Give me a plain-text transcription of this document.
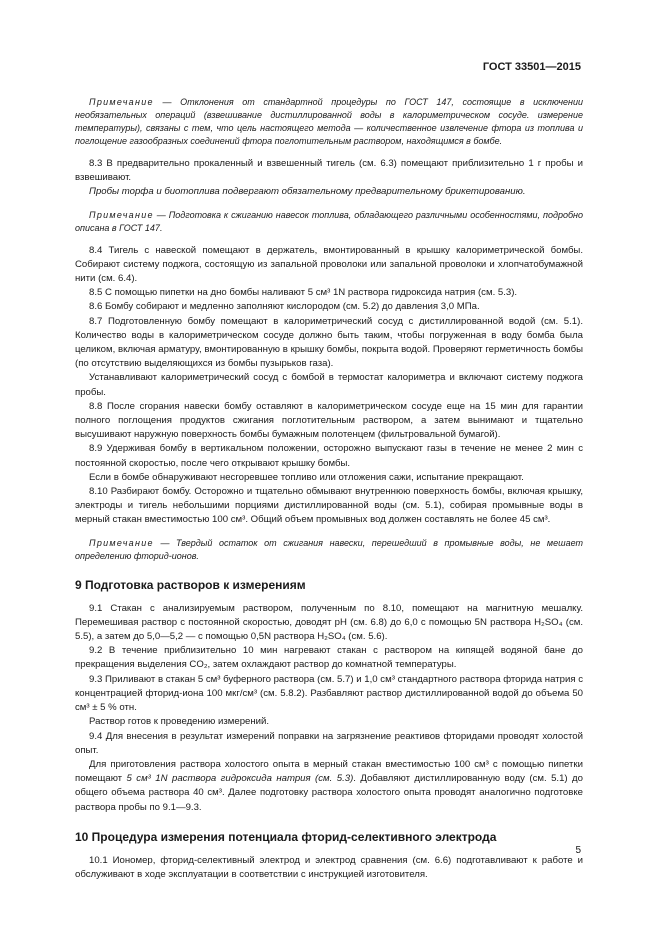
ГОСТ 33501—2015

Примечание — Отклонения от стандартной процедуры по ГОСТ 147, состоящие в исключении необязательных операций (взвешивание дистиллированной воды в калориметрическом сосуде. измерение температуры), связаны с тем, что цель настоящего метода — количественное извлечение фтора из топлива и поглощение газообразных соединений фтора поглотительным раствором, находящимся в бомбе.

8.3 В предварительно прокаленный и взвешенный тигель (см. 6.3) помещают приблизительно 1 г пробы и взвешивают.

Пробы торфа и биотоплива подвергают обязательному предварительному брикетированию.

Примечание — Подготовка к сжиганию навесок топлива, обладающего различными особенностями, подробно описана в ГОСТ 147.

8.4 Тигель с навеской помещают в держатель, вмонтированный в крышку калориметрической бомбы. Собирают систему поджога, состоящую из запальной проволоки или запальной проволоки и хлопчатобумажной нити (см. 6.4).

8.5 С помощью пипетки на дно бомбы наливают 5 см³ 1N раствора гидроксида натрия (см. 5.3).

8.6 Бомбу собирают и медленно заполняют кислородом (см. 5.2) до давления 3,0 МПа.

8.7 Подготовленную бомбу помещают в калориметрический сосуд с дистиллированной водой (см. 5.1). Количество воды в калориметрическом сосуде должно быть таким, чтобы погруженная в воду бомба была целиком, включая арматуру, вмонтированную в крышку бомбы, покрыта водой. Проверяют герметичность бомбы (по отсутствию выделяющихся из бомбы пузырьков газа).

Устанавливают калориметрический сосуд с бомбой в термостат калориметра и включают систему поджога пробы.

8.8 После сгорания навески бомбу оставляют в калориметрическом сосуде еще на 15 мин для гарантии полного поглощения продуктов сжигания поглотительным раствором, а затем вынимают и тщательно высушивают наружную поверхность бомбы бумажным полотенцем (фильтровальной бумагой).

8.9 Удерживая бомбу в вертикальном положении, осторожно выпускают газы в течение не менее 2 мин с постоянной скоростью, после чего открывают крышку бомбы.

Если в бомбе обнаруживают несгоревшее топливо или отложения сажи, испытание прекращают.

8.10 Разбирают бомбу. Осторожно и тщательно обмывают внутреннюю поверхность бомбы, включая крышку, электроды и тигель небольшими порциями дистиллированной воды (см. 5.1), собирая промывные воды в мерный стакан вместимостью 100 см³. Общий объем промывных вод должен составлять не более 45 см³.

Примечание — Твердый остаток от сжигания навески, перешедший в промывные воды, не мешает определению фторид-ионов.

9 Подготовка растворов к измерениям

9.1 Стакан с анализируемым раствором, полученным по 8.10, помещают на магнитную мешалку. Перемешивая раствор с постоянной скоростью, доводят pH (см. 6.8) до 6,0 с помощью 5N раствора H₂SO₄ (см. 5.5), а затем до 5,0—5,2 — с помощью 0,5N раствора H₂SO₄ (см. 5.6).

9.2 В течение приблизительно 10 мин нагревают стакан с раствором на кипящей водяной бане до прекращения выделения CO₂, затем охлаждают раствор до комнатной температуры.

9.3 Приливают в стакан 5 см³ буферного раствора (см. 5.7) и 1,0 см³ стандартного раствора фторида натрия с концентрацией фторид-иона 100 мкг/см³ (см. 5.8.2). Разбавляют раствор дистиллированной водой до объема 50 см³ ± 5 % отн.

Раствор готов к проведению измерений.

9.4 Для внесения в результат измерений поправки на загрязнение реактивов фторидами проводят холостой опыт.

Для приготовления раствора холостого опыта в мерный стакан вместимостью 100 см³ с помощью пипетки помещают 5 см³ 1N раствора гидроксида натрия (см. 5.3). Добавляют дистиллированную воду (см. 5.1) до общего объема раствора 40 см³. Далее подготовку раствора холостого опыта проводят аналогично подготовке раствора пробы по 9.1—9.3.

10 Процедура измерения потенциала фторид-селективного электрода

10.1 Иономер, фторид-селективный электрод и электрод сравнения (см. 6.6) подготавливают к работе и обслуживают в ходе эксплуатации в соответствии с инструкцией изготовителя.

5
